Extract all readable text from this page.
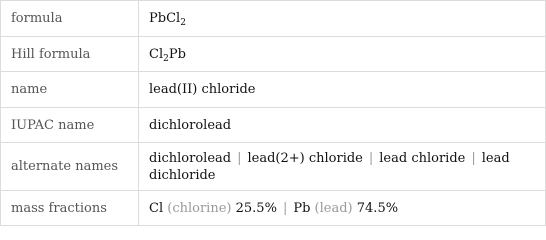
formula	PbCl$_2$
Hill formula	$Cl_2Pb$
name	lead(II) chloride
IUPAC name	dichlorolead
alternate names	dichlorolead | lead(2+) chloride | lead chloride | lead dichloride

mass fractions	Cl (chlorine) 25.5% | Pb (lead) 74.5%
